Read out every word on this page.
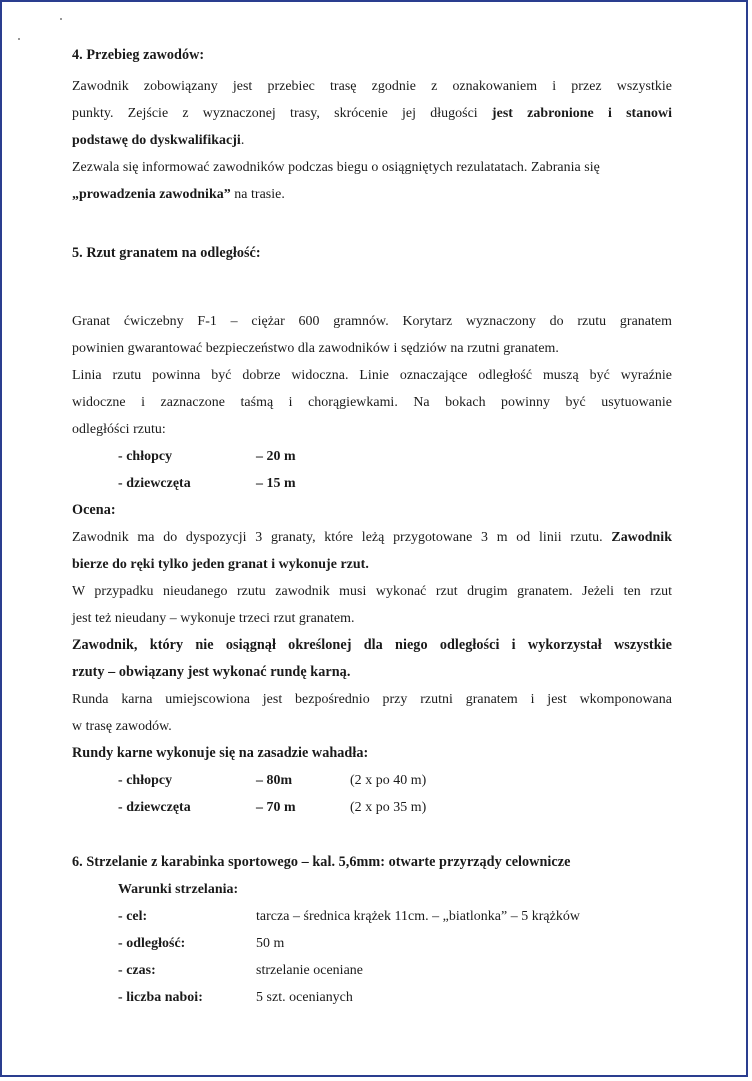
4. Przebieg zawodów:

Zawodnik zobowiązany jest przebiec trasę zgodnie z oznakowaniem i przez wszystkie

punkty. Zejście z wyznaczonej trasy, skrócenie jej długości jest zabronione i stanowi

podstawę do dyskwalifikacji.

Zezwala się informować zawodników podczas biegu o osiągniętych rezulatatach. Zabrania się

„prowadzenia zawodnika” na trasie.

5. Rzut granatem na odległość:

Granat ćwiczebny F-1 – ciężar 600 gramnów. Korytarz wyznaczony do rzutu granatem

powinien gwarantować bezpieczeństwo dla zawodników i sędziów na rzutni granatem.

Linia rzutu powinna być dobrze widoczna. Linie oznaczające odległość muszą być wyraźnie

widoczne i zaznaczone taśmą i chorągiewkami. Na bokach powinny być usytuowanie

odległóści rzutu:

- chłopcy	– 20 m
- dziewczęta	– 15 m

Ocena:

Zawodnik ma do dyspozycji 3 granaty, które leżą przygotowane 3 m od linii rzutu. Zawodnik

bierze do ręki tylko jeden granat i wykonuje rzut.

W przypadku nieudanego rzutu zawodnik musi wykonać rzut drugim granatem. Jeżeli ten rzut

jest też nieudany – wykonuje trzeci rzut granatem.

Zawodnik, który nie osiągnął określonej dla niego odległości i wykorzystał wszystkie

rzuty – obwiązany jest wykonać rundę karną.

Runda karna umiejscowiona jest bezpośrednio przy rzutni granatem i jest wkomponowana

w trasę zawodów.

Rundy karne wykonuje się na zasadzie wahadła:

- chłopcy	– 80m	(2 x po 40 m)
- dziewczęta	– 70 m	(2 x po 35 m)

6. Strzelanie z karabinka sportowego – kal. 5,6mm: otwarte przyrządy celownicze

Warunki strzelania:

- cel:	tarcza – średnica krążek 11cm. – „biatlonka” – 5 krążków
- odległość:	50 m
- czas:	strzelanie oceniane
- liczba naboi:	5 szt. ocenianych
